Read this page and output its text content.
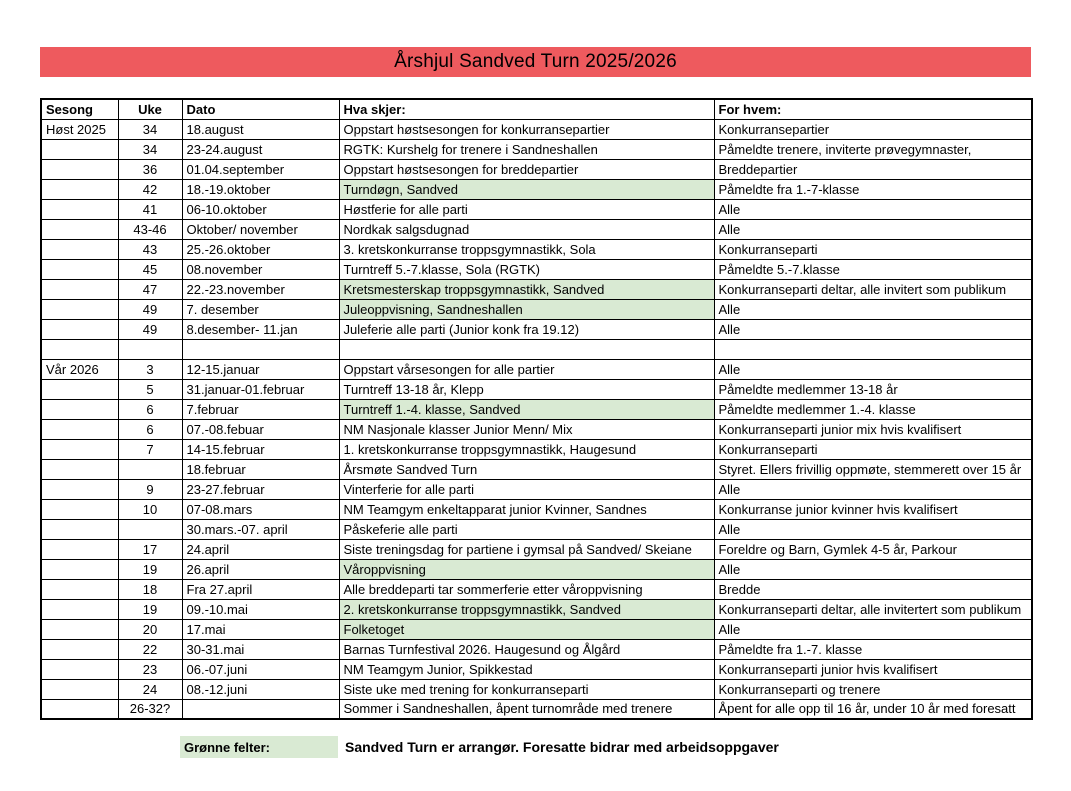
Årshjul Sandved Turn 2025/2026
Sesong	Uke	Dato	Hva skjer:	For hvem:
Høst 2025	34	18.august	Oppstart høstsesongen for konkurransepartier	Konkurransepartier
	34	23-24.august	RGTK: Kurshelg for trenere i Sandneshallen	Påmeldte trenere, inviterte prøvegymnaster,
	36	01.04.september	Oppstart høstsesongen for breddepartier	Breddepartier
	42	18.-19.oktober	Turndøgn, Sandved	Påmeldte fra 1.-7-klasse
	41	06-10.oktober	Høstferie for alle parti	Alle
	43-46	Oktober/ november	Nordkak salgsdugnad	Alle
	43	25.-26.oktober	3. kretskonkurranse troppsgymnastikk, Sola	Konkurranseparti
	45	08.november	Turntreff 5.-7.klasse, Sola (RGTK)	Påmeldte 5.-7.klasse
	47	22.-23.november	Kretsmesterskap troppsgymnastikk, Sandved	Konkurranseparti deltar, alle invitert som publikum
	49	7. desember	Juleoppvisning, Sandneshallen	Alle
	49	8.desember- 11.jan	Juleferie alle parti (Junior konk fra 19.12)	Alle

Vår 2026	3	12-15.januar	Oppstart vårsesongen for alle partier	Alle
	5	31.januar-01.februar	Turntreff 13-18 år, Klepp	Påmeldte medlemmer 13-18 år
	6	7.februar	Turntreff 1.-4. klasse, Sandved	Påmeldte medlemmer 1.-4. klasse
	6	07.-08.febuar	NM Nasjonale klasser Junior Menn/ Mix	Konkurranseparti junior mix hvis kvalifisert
	7	14-15.februar	1. kretskonkurranse troppsgymnastikk, Haugesund	Konkurranseparti
		18.februar	Årsmøte Sandved Turn	Styret. Ellers frivillig oppmøte, stemmerett over 15 år
	9	23-27.februar	Vinterferie for alle parti	Alle
	10	07-08.mars	NM Teamgym enkeltapparat junior Kvinner, Sandnes	Konkurranse junior kvinner hvis kvalifisert
		30.mars.-07. april	Påskeferie alle parti	Alle
	17	24.april	Siste treningsdag for partiene i gymsal på Sandved/ Skeiane	Foreldre og Barn, Gymlek 4-5 år, Parkour
	19	26.april	Våroppvisning	Alle
	18	Fra 27.april	Alle breddeparti tar sommerferie etter våroppvisning	Bredde
	19	09.-10.mai	2. kretskonkurranse troppsgymnastikk, Sandved	Konkurranseparti deltar, alle invitertert som publikum
	20	17.mai	Folketoget	Alle
	22	30-31.mai	Barnas Turnfestival 2026. Haugesund og Ålgård	Påmeldte fra 1.-7. klasse
	23	06.-07.juni	NM Teamgym Junior, Spikkestad	Konkurranseparti junior hvis kvalifisert
	24	08.-12.juni	Siste uke med trening for konkurranseparti	Konkurranseparti og trenere
	26-32?		Sommer i Sandneshallen, åpent turnområde med trenere	Åpent for alle opp til 16 år, under 10 år med foresatt
Grønne felter:	Sandved Turn er arrangør. Foresatte bidrar med arbeidsoppgaver
